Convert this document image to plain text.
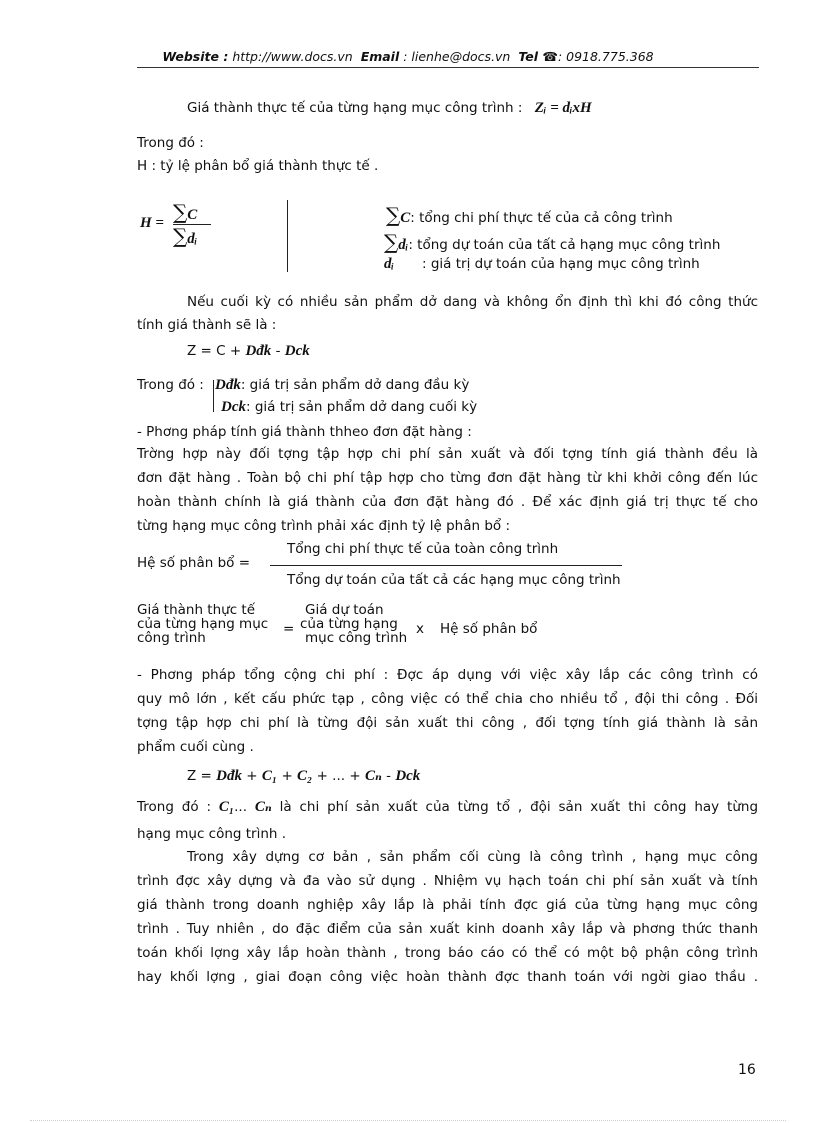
Website : http://www.docs.vn  Email : lienhe@docs.vn  Tel ☎: 0918.775.368
Giá thành thực tế của từng hạng mục công trình : Zᵢ = dᵢxH
Trong đó :
H : tỷ lệ phân bổ giá thành thực tế .
H = ∑C
∑dᵢ
∑C: tổng chi phí thực tế của cả công trình
∑dᵢ: tổng dự toán của tất cả hạng mục công trình
dᵢ : giá trị dự toán của hạng mục công trình
Nếu cuối kỳ có nhiều sản phẩm dở dang và không ổn định thì khi đó công thức
tính giá thành sẽ là :
Z = C + Dđk - Dck
Trong đó : Dđk: giá trị sản phẩm dở dang đầu kỳ
Dck: giá trị sản phẩm dở dang cuối kỳ
- Phơng pháp tính giá thành thheo đơn đặt hàng :
Trờng hợp này đối tợng tập hợp chi phí sản xuất và đối tợng tính giá thành đều là
đơn đặt hàng . Toàn bộ chi phí tập hợp cho từng đơn đặt hàng từ khi khởi công đến lúc
hoàn thành chính là giá thành của đơn đặt hàng đó . Để xác định giá trị thực tế cho
từng hạng mục công trình phải xác định tỷ lệ phân bổ :
Hệ số phân bổ =
Tổng chi phí thực tế của toàn công trình
Tổng dự toán của tất cả các hạng mục công trình
Giá thành thực tế
của từng hạng mục
công trình
=
Giá dự toán
của từng hạng
mục công trình
x Hệ số phân bổ
- Phơng pháp tổng cộng chi phí : Đợc áp dụng với việc xây lắp các công trình có
quy mô lớn , kết cấu phức tạp , công việc có thể chia cho nhiều tổ , đội thi công . Đối
tợng tập hợp chi phí là từng đội sản xuất thi công , đối tợng tính giá thành là sản
phẩm cuối cùng .
Z = Dđk + C₁ + C₂ + ... + Cₙ - Dck
Trong đó : C₁... Cₙ là chi phí sản xuất của từng tổ , đội sản xuất thi công hay từng
hạng mục công trình .
Trong xây dựng cơ bản , sản phẩm cối cùng là công trình , hạng mục công
trình đợc xây dựng và đa vào sử dụng . Nhiệm vụ hạch toán chi phí sản xuất và tính
giá thành trong doanh nghiệp xây lắp là phải tính đợc giá của từng hạng mục công
trình . Tuy nhiên , do đặc điểm của sản xuất kinh doanh xây lắp và phơng thức thanh
toán khối lợng xây lắp hoàn thành , trong báo cáo có thể có một bộ phận công trình
hay khối lợng , giai đoạn công việc hoàn thành đợc thanh toán với ngời giao thầu .
16
